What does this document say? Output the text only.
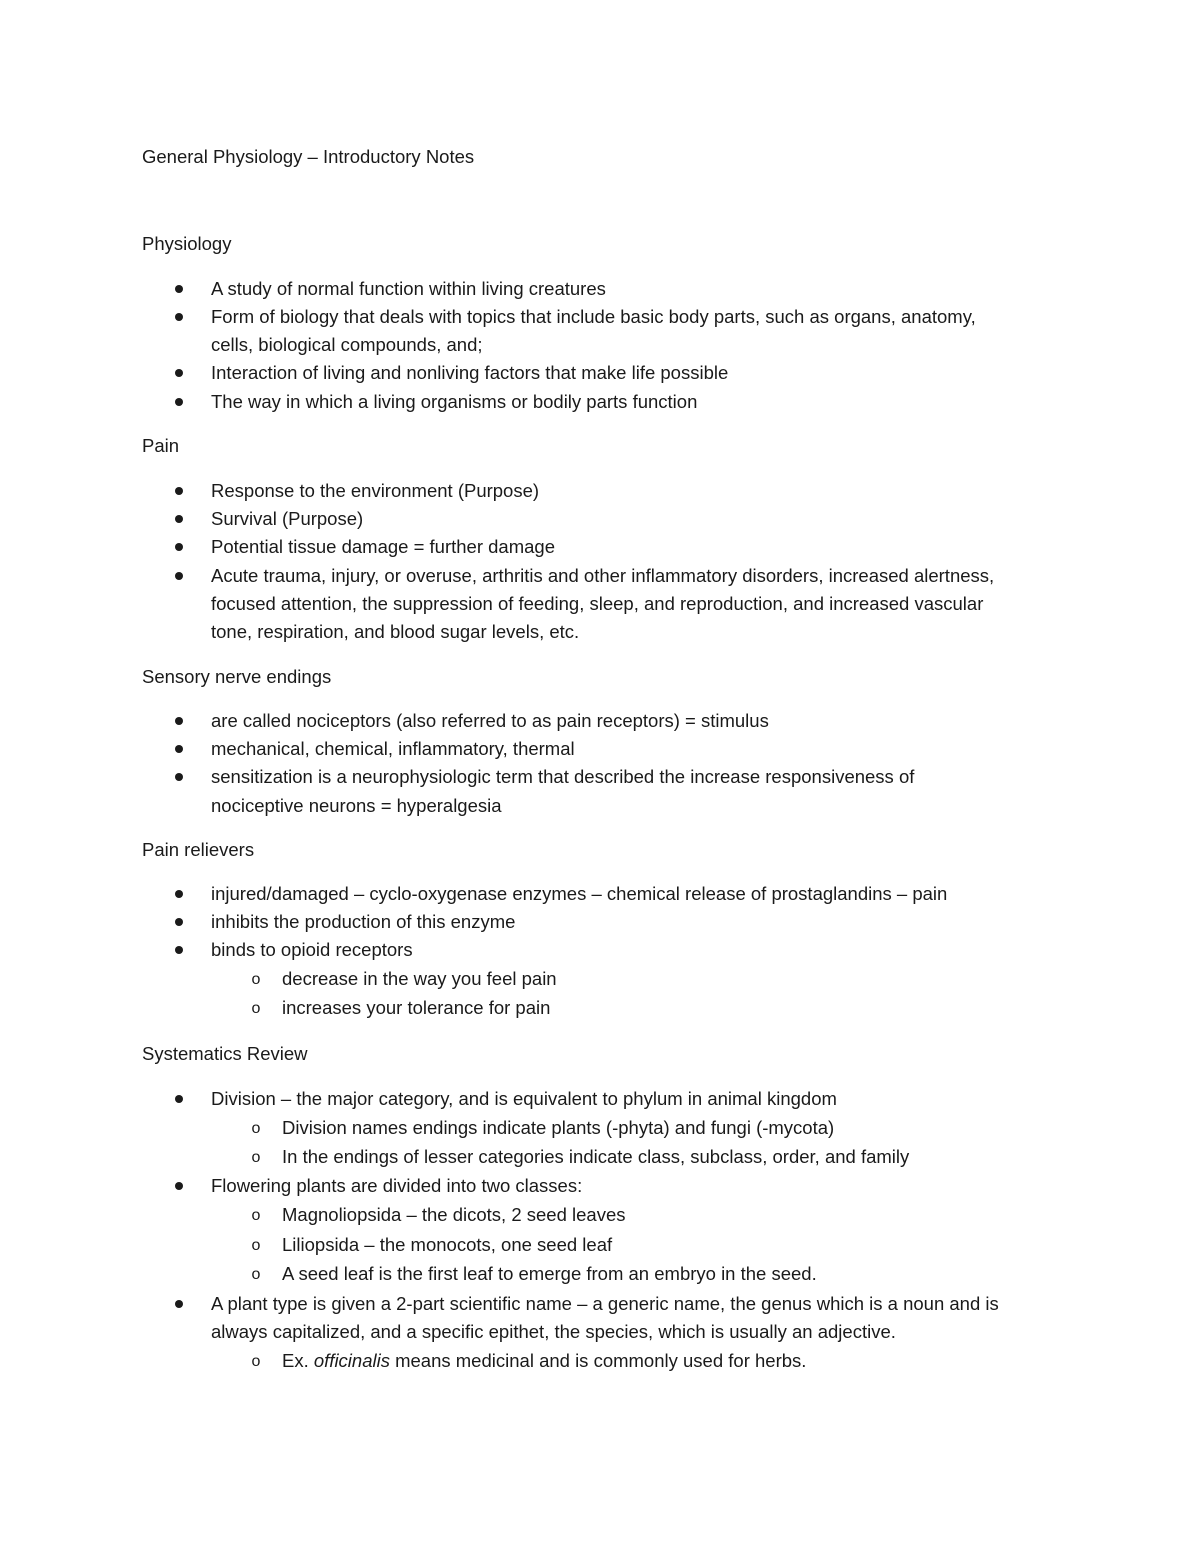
General Physiology – Introductory Notes
Physiology
A study of normal function within living creatures
Form of biology that deals with topics that include basic body parts, such as organs, anatomy,
cells, biological compounds, and;
Interaction of living and nonliving factors that make life possible
The way in which a living organisms or bodily parts function
Pain
Response to the environment (Purpose)
Survival (Purpose)
Potential tissue damage = further damage
Acute trauma, injury, or overuse, arthritis and other inflammatory disorders, increased alertness,
focused attention, the suppression of feeding, sleep, and reproduction, and increased vascular
tone, respiration, and blood sugar levels, etc.
Sensory nerve endings
are called nociceptors (also referred to as pain receptors) = stimulus
mechanical, chemical, inflammatory, thermal
sensitization is a neurophysiologic term that described the increase responsiveness of
nociceptive neurons = hyperalgesia
Pain relievers
injured/damaged – cyclo-oxygenase enzymes – chemical release of prostaglandins – pain
inhibits the production of this enzyme
binds to opioid receptors
o decrease in the way you feel pain
o increases your tolerance for pain
Systematics Review
Division – the major category, and is equivalent to phylum in animal kingdom
o Division names endings indicate plants (-phyta) and fungi (-mycota)
o In the endings of lesser categories indicate class, subclass, order, and family
Flowering plants are divided into two classes:
o Magnoliopsida – the dicots, 2 seed leaves
o Liliopsida – the monocots, one seed leaf
o A seed leaf is the first leaf to emerge from an embryo in the seed.
A plant type is given a 2-part scientific name – a generic name, the genus which is a noun and is
always capitalized, and a specific epithet, the species, which is usually an adjective.
o Ex. officinalis means medicinal and is commonly used for herbs.
